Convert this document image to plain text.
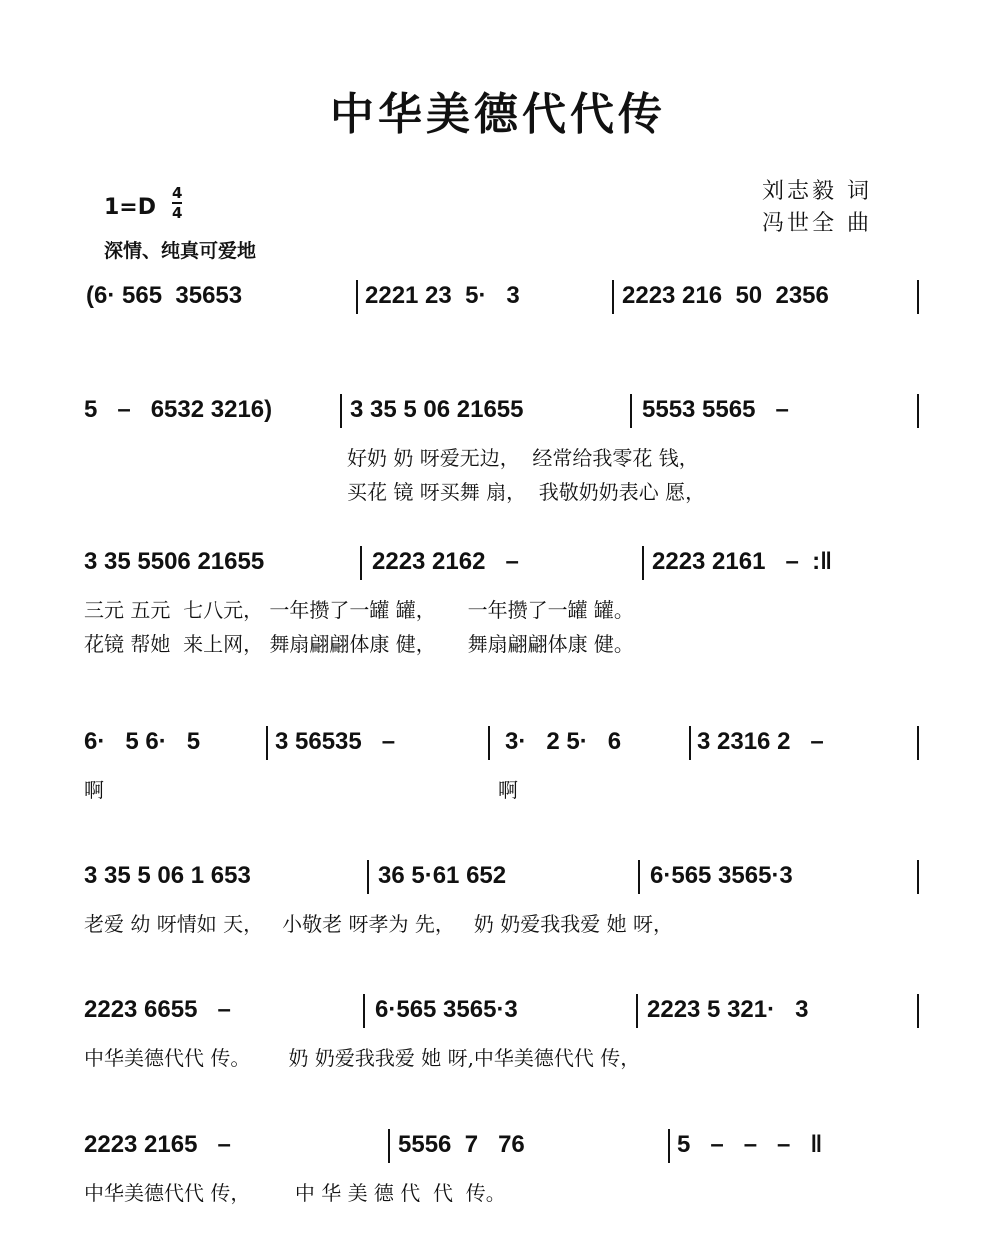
中华美德代代传
刘志毅 词
冯世全 曲
1=D
4
4
深情、纯真可爱地
(6· 565  35653	2221 23  5·   3	2223 216  50  2356
5   –   6532 3216)	3 35 5 06 21655	5553 5565   –
好奶 奶 呀爱无边，  经常给我零花 钱，
买花 镜 呀买舞 扇，  我敬奶奶表心 愿，
3 35 5506 21655	2223 2162   –	2223 2161   –  :‖
三元 五元  七八元， 一年攒了一罐 罐，     一年攒了一罐 罐。
花镜 帮她  来上网， 舞扇翩翩体康 健，     舞扇翩翩体康 健。
6·   5 6·   5	3 56535   –	3·   2 5·   6	3 2316 2   –
啊	啊
3 35 5 06 1 653	36 5·61 652	6·565 3565·3
老爱 幼 呀情如 天，   小敬老 呀孝为 先，   奶 奶爱我我爱 她 呀，
2223 6655   –	6·565 3565·3	2223 5 321·   3
中华美德代代 传。      奶 奶爱我我爱 她 呀,中华美德代代 传，
2223 2165   –	5556  7   76	5   –   –   –   ‖
中华美德代代 传，       中 华 美 德 代  代  传。
